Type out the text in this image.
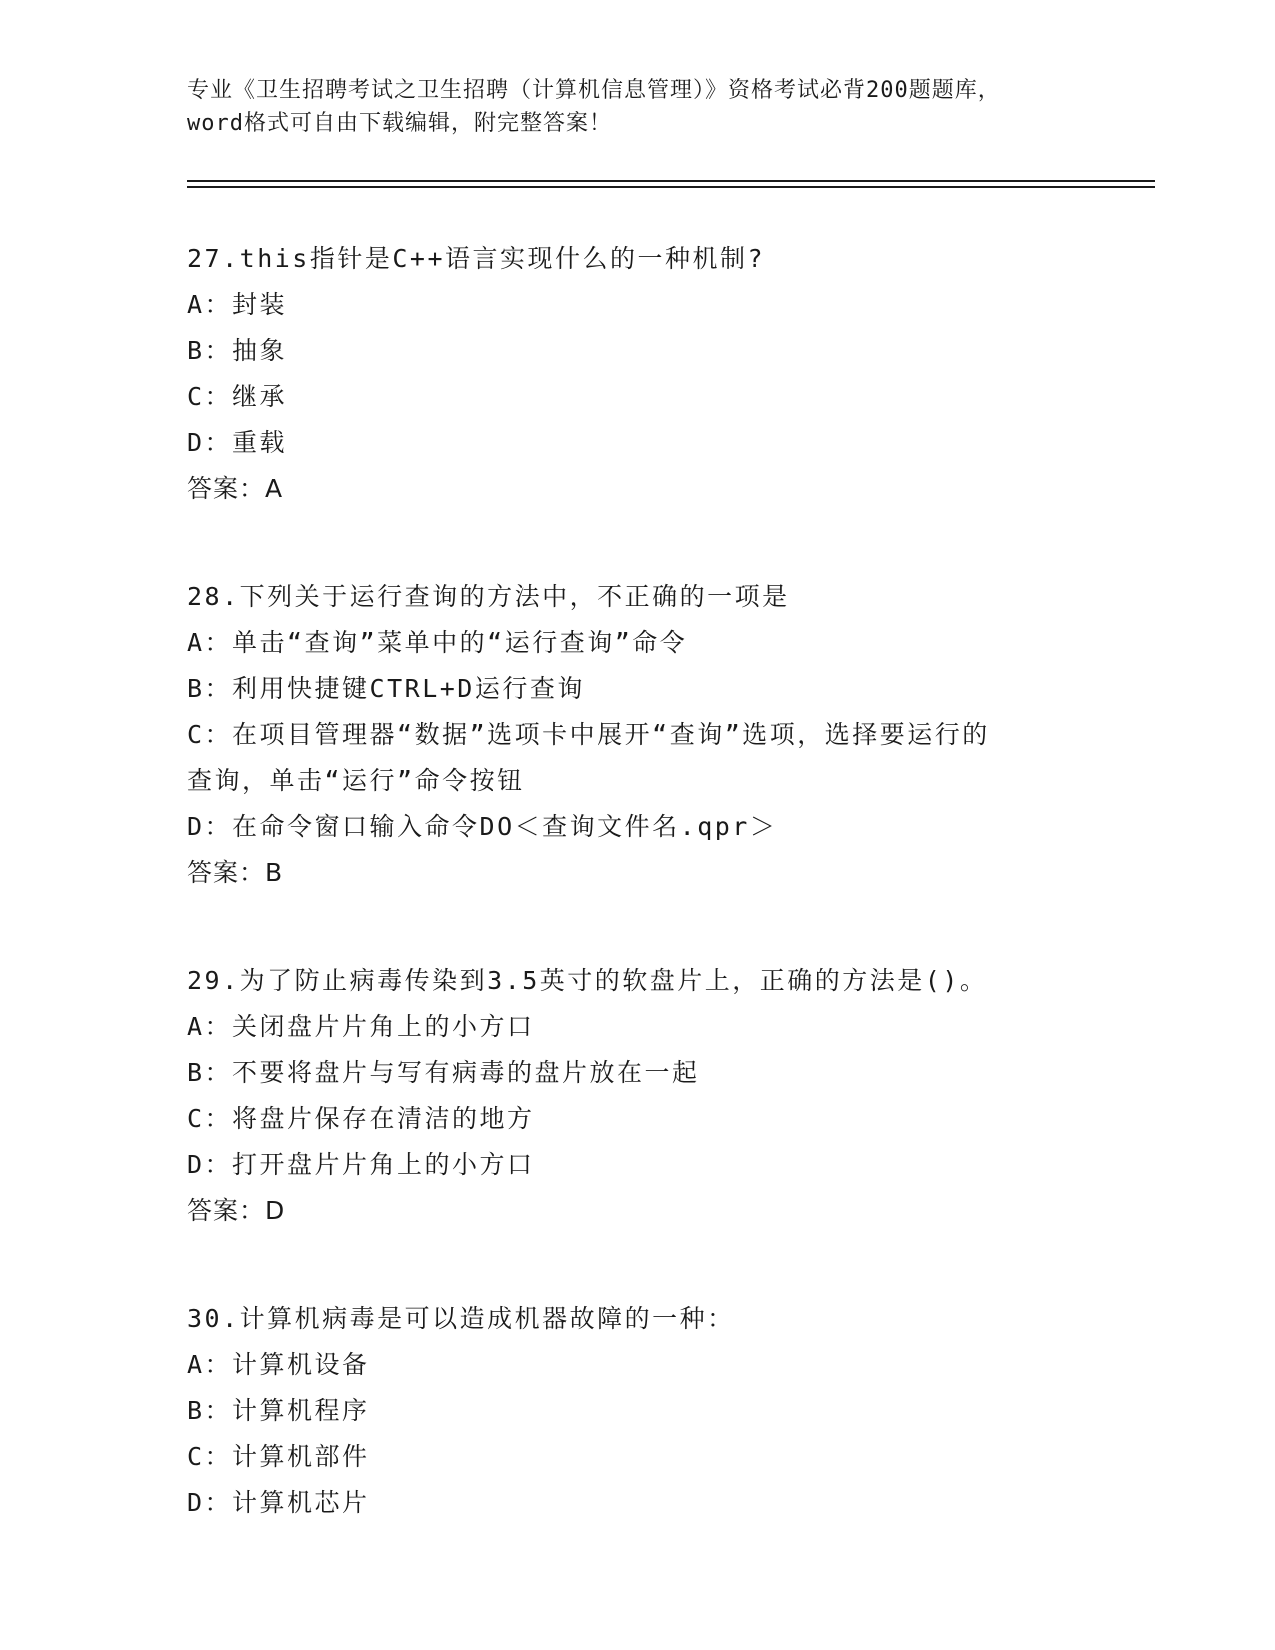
专业《卫生招聘考试之卫生招聘（计算机信息管理）》资格考试必背200题题库，
word格式可自由下载编辑，附完整答案！
27.this指针是C++语言实现什么的一种机制?
A：封装
B：抽象
C：继承
D：重载
答案：A
28.下列关于运行查询的方法中，不正确的一项是
A：单击“查询”菜单中的“运行查询”命令
B：利用快捷键CTRL+D运行查询
C：在项目管理器“数据”选项卡中展开“查询”选项，选择要运行的
查询，单击“运行”命令按钮
D：在命令窗口输入命令DO＜查询文件名.qpr＞
答案：B
29.为了防止病毒传染到3.5英寸的软盘片上，正确的方法是()。
A：关闭盘片片角上的小方口
B：不要将盘片与写有病毒的盘片放在一起
C：将盘片保存在清洁的地方
D：打开盘片片角上的小方口
答案：D
30.计算机病毒是可以造成机器故障的一种：
A：计算机设备
B：计算机程序
C：计算机部件
D：计算机芯片
